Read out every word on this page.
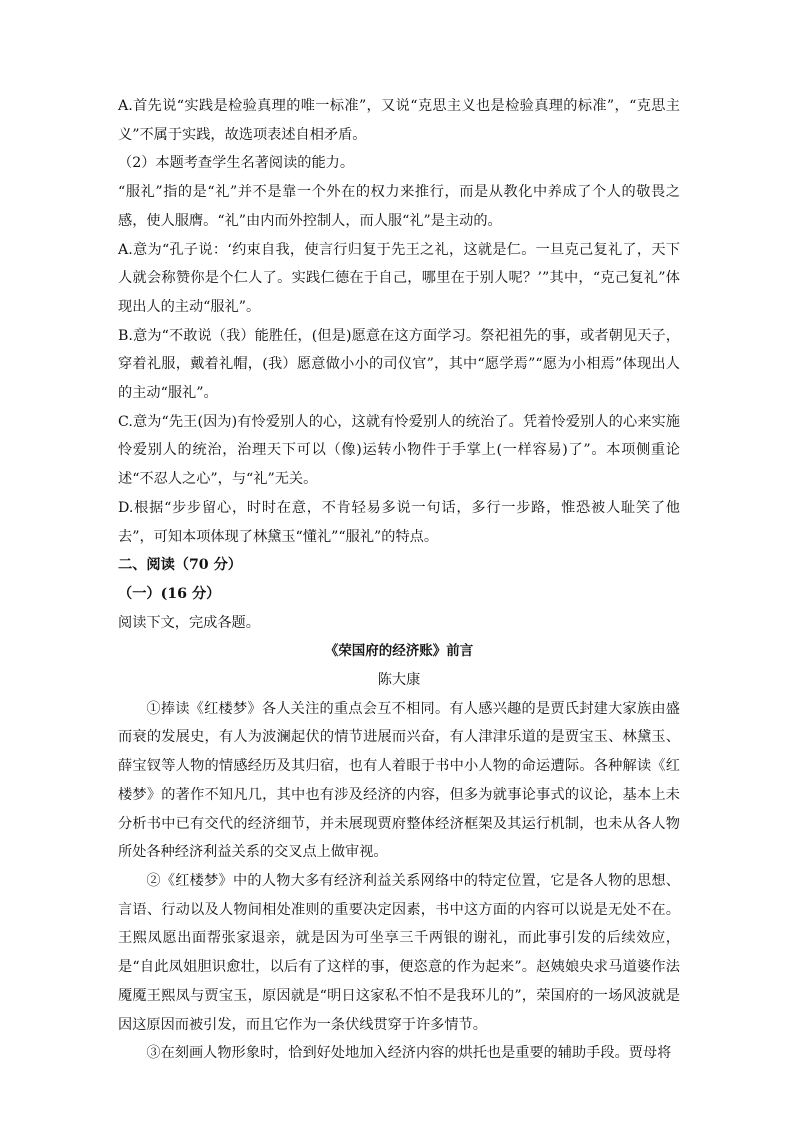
A.首先说“实践是检验真理的唯一标准”，又说“克思主义也是检验真理的标准”，“克思主义”不属于实践，故选项表述自相矛盾。

（2）本题考查学生名著阅读的能力。

“服礼”指的是“礼”并不是靠一个外在的权力来推行，而是从教化中养成了个人的敬畏之感，使人服膺。“礼”由内而外控制人，而人服“礼”是主动的。

A.意为“孔子说：‘约束自我，使言行归复于先王之礼，这就是仁。一旦克己复礼了，天下人就会称赞你是个仁人了。实践仁德在于自己，哪里在于别人呢？’”其中，“克己复礼”体现出人的主动“服礼”。

B.意为“不敢说（我）能胜任，(但是)愿意在这方面学习。祭祀祖先的事，或者朝见天子，穿着礼服，戴着礼帽，(我）愿意做小小的司仪官”，其中“愿学焉”“愿为小相焉”体现出人的主动“服礼”。

C.意为“先王(因为)有怜爱别人的心，这就有怜爱别人的统治了。凭着怜爱别人的心来实施怜爱别人的统治，治理天下可以（像)运转小物件于手掌上(一样容易)了”。本项侧重论述“不忍人之心”，与“礼”无关。

D.根据“步步留心，时时在意，不肯轻易多说一句话，多行一步路，惟恐被人耻笑了他去”，可知本项体现了林黛玉“懂礼”“服礼”的特点。

二、阅读（70 分）

（一）(16 分）

阅读下文，完成各题。

《荣国府的经济账》前言

陈大康

①捧读《红楼梦》各人关注的重点会互不相同。有人感兴趣的是贾氏封建大家族由盛而衰的发展史，有人为波澜起伏的情节进展而兴奋，有人津津乐道的是贾宝玉、林黛玉、薛宝钗等人物的情感经历及其归宿，也有人着眼于书中小人物的命运遭际。各种解读《红楼梦》的著作不知凡几，其中也有涉及经济的内容，但多为就事论事式的议论，基本上未分析书中已有交代的经济细节，并未展现贾府整体经济框架及其运行机制，也未从各人物所处各种经济利益关系的交叉点上做审视。

②《红楼梦》中的人物大多有经济利益关系网络中的特定位置，它是各人物的思想、言语、行动以及人物间相处准则的重要决定因素，书中这方面的内容可以说是无处不在。王熙凤愿出面帮张家退亲，就是因为可坐享三千两银的谢礼，而此事引发的后续效应，是“自此凤姐胆识愈壮，以后有了这样的事，便恣意的作为起来”。赵姨娘央求马道婆作法魇魇王熙凤与贾宝玉，原因就是“明日这家私不怕不是我环儿的”，荣国府的一场风波就是因这原因而被引发，而且它作为一条伏线贯穿于许多情节。

③在刻画人物形象时，恰到好处地加入经济内容的烘托也是重要的辅助手段。贾母将
